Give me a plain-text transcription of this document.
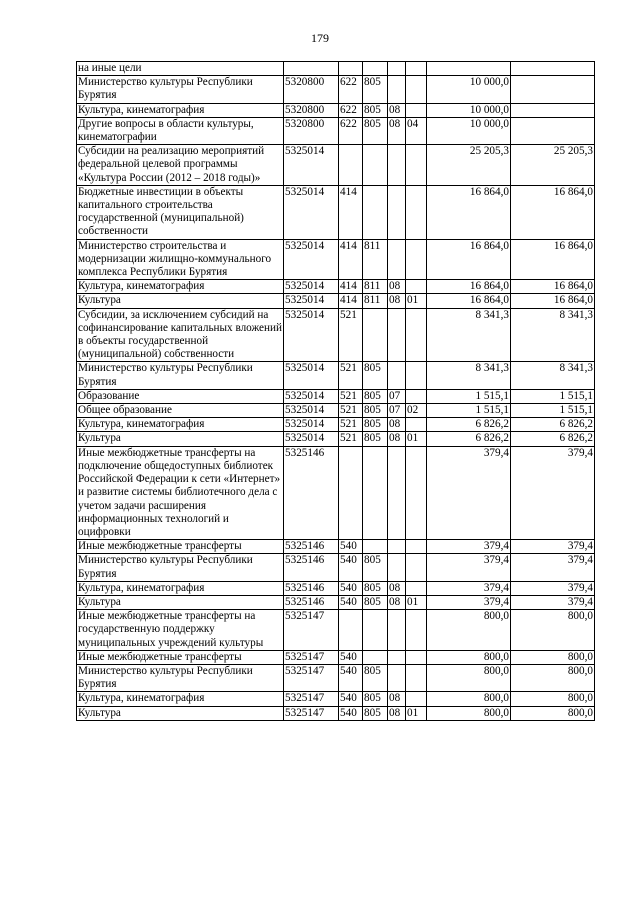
179
на иные цели							
Министерство культуры Республики Бурятия	5320800	622	805			10 000,0	
Культура, кинематография	5320800	622	805	08		10 000,0	
Другие вопросы в области культуры, кинематографии	5320800	622	805	08	04	10 000,0	
Субсидии на реализацию мероприятий федеральной целевой программы «Культура России (2012 – 2018 годы)»	5325014					25 205,3	25 205,3
Бюджетные инвестиции в объекты капитального строительства государственной (муниципальной) собственности	5325014	414				16 864,0	16 864,0
Министерство строительства и модернизации жилищно-коммунального комплекса Республики Бурятия	5325014	414	811			16 864,0	16 864,0
Культура, кинематография	5325014	414	811	08		16 864,0	16 864,0
Культура	5325014	414	811	08	01	16 864,0	16 864,0
Субсидии, за исключением субсидий на софинансирование капитальных вложений в объекты государственной (муниципальной) собственности	5325014	521				8 341,3	8 341,3
Министерство культуры Республики Бурятия	5325014	521	805			8 341,3	8 341,3
Образование	5325014	521	805	07		1 515,1	1 515,1
Общее образование	5325014	521	805	07	02	1 515,1	1 515,1
Культура, кинематография	5325014	521	805	08		6 826,2	6 826,2
Культура	5325014	521	805	08	01	6 826,2	6 826,2
Иные межбюджетные трансферты на подключение общедоступных библиотек Российской Федерации к сети «Интернет» и развитие системы библиотечного дела с учетом задачи расширения информационных технологий и оцифровки	5325146					379,4	379,4
Иные межбюджетные трансферты	5325146	540				379,4	379,4
Министерство культуры Республики Бурятия	5325146	540	805			379,4	379,4
Культура, кинематография	5325146	540	805	08		379,4	379,4
Культура	5325146	540	805	08	01	379,4	379,4
Иные межбюджетные трансферты на государственную поддержку муниципальных учреждений культуры	5325147					800,0	800,0
Иные межбюджетные трансферты	5325147	540				800,0	800,0
Министерство культуры Республики Бурятия	5325147	540	805			800,0	800,0
Культура, кинематография	5325147	540	805	08		800,0	800,0
Культура	5325147	540	805	08	01	800,0	800,0
